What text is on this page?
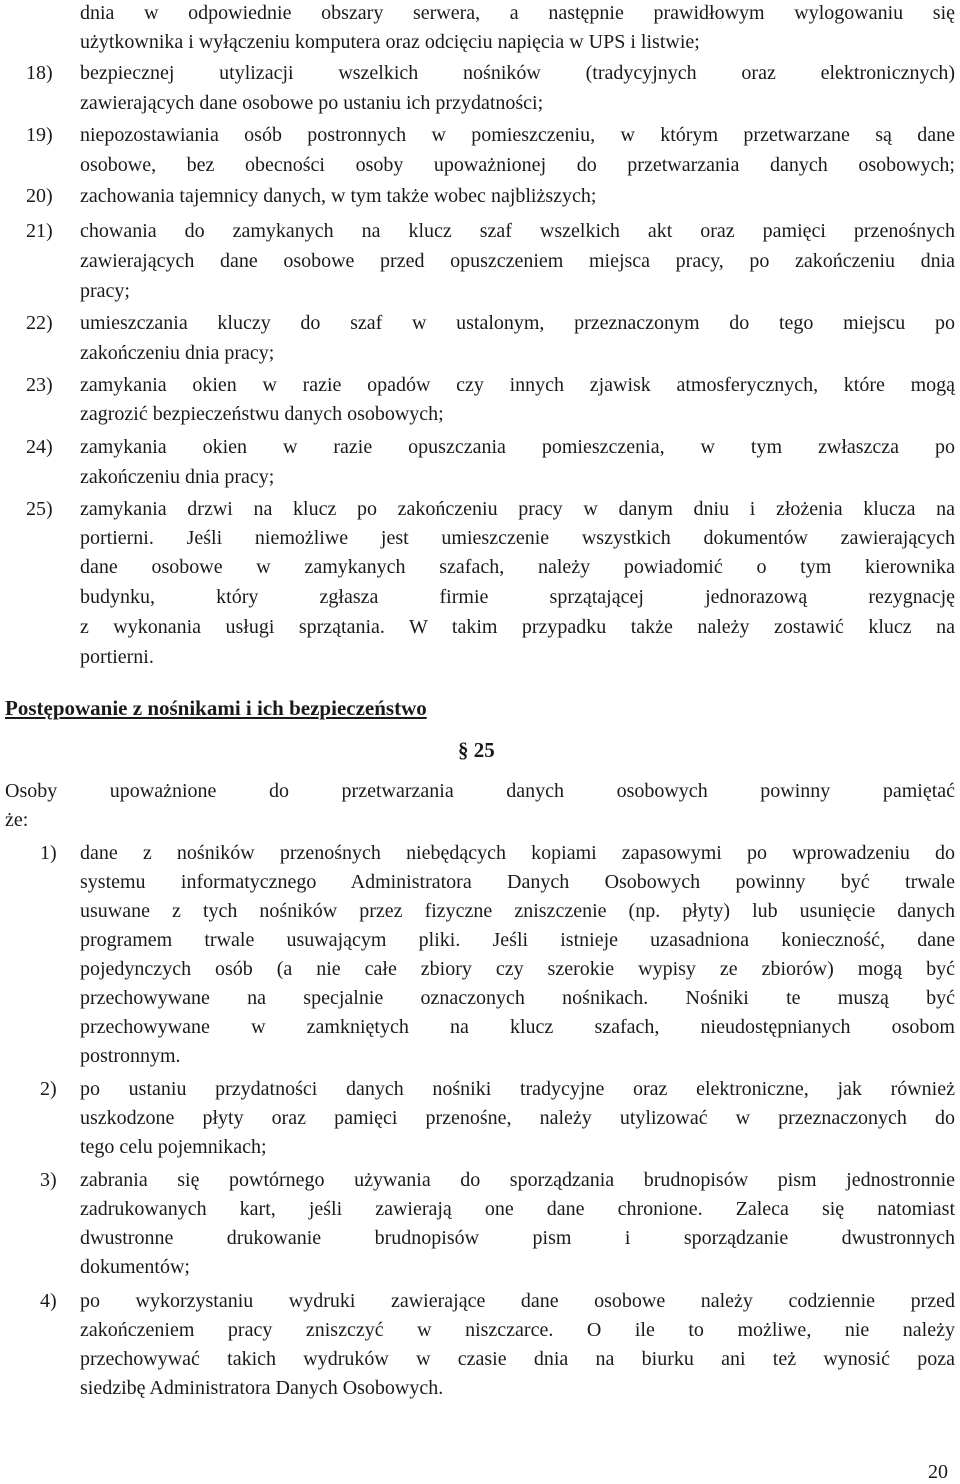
dnia w odpowiednie obszary serwera, a następnie prawidłowym wylogowaniu się
użytkownika i wyłączeniu komputera oraz odcięciu napięcia w UPS i listwie;
18) bezpiecznej utylizacji wszelkich nośników (tradycyjnych oraz elektronicznych)
zawierających dane osobowe po ustaniu ich przydatności;
19) niepozostawiania osób postronnych w pomieszczeniu, w którym przetwarzane są dane
osobowe, bez obecności osoby upoważnionej do przetwarzania danych osobowych;
20) zachowania tajemnicy danych, w tym także wobec najbliższych;
21) chowania do zamykanych na klucz szaf wszelkich akt oraz pamięci przenośnych
zawierających dane osobowe przed opuszczeniem miejsca pracy, po zakończeniu dnia
pracy;
22) umieszczania kluczy do szaf w ustalonym, przeznaczonym do tego miejscu po
zakończeniu dnia pracy;
23) zamykania okien w razie opadów czy innych zjawisk atmosferycznych, które mogą
zagrozić bezpieczeństwu danych osobowych;
24) zamykania okien w razie opuszczania pomieszczenia, w tym zwłaszcza po
zakończeniu dnia pracy;
25) zamykania drzwi na klucz po zakończeniu pracy w danym dniu i złożenia klucza na
portierni. Jeśli niemożliwe jest umieszczenie wszystkich dokumentów zawierających
dane osobowe w zamykanych szafach, należy powiadomić o tym kierownika
budynku, który zgłasza firmie sprzątającej jednorazową rezygnację
z wykonania usługi sprzątania. W takim przypadku także należy zostawić klucz na
portierni.
Postępowanie z nośnikami i ich bezpieczeństwo
§ 25
Osoby upoważnione do przetwarzania danych osobowych powinny pamiętać
że:
1) dane z nośników przenośnych niebędących kopiami zapasowymi po wprowadzeniu do
systemu informatycznego Administratora Danych Osobowych powinny być trwale
usuwane z tych nośników przez fizyczne zniszczenie (np. płyty) lub usunięcie danych
programem trwale usuwającym pliki. Jeśli istnieje uzasadniona konieczność, dane
pojedynczych osób (a nie całe zbiory czy szerokie wypisy ze zbiorów) mogą być
przechowywane na specjalnie oznaczonych nośnikach. Nośniki te muszą być
przechowywane w zamkniętych na klucz szafach, nieudostępnianych osobom
postronnym.
2) po ustaniu przydatności danych nośniki tradycyjne oraz elektroniczne, jak również
uszkodzone płyty oraz pamięci przenośne, należy utylizować w przeznaczonych do
tego celu pojemnikach;
3) zabrania się powtórnego używania do sporządzania brudnopisów pism jednostronnie
zadrukowanych kart, jeśli zawierają one dane chronione. Zaleca się natomiast
dwustronne drukowanie brudnopisów pism i sporządzanie dwustronnych
dokumentów;
4) po wykorzystaniu wydruki zawierające dane osobowe należy codziennie przed
zakończeniem pracy zniszczyć w niszczarce. O ile to możliwe, nie należy
przechowywać takich wydruków w czasie dnia na biurku ani też wynosić poza
siedzibę Administratora Danych Osobowych.
20
